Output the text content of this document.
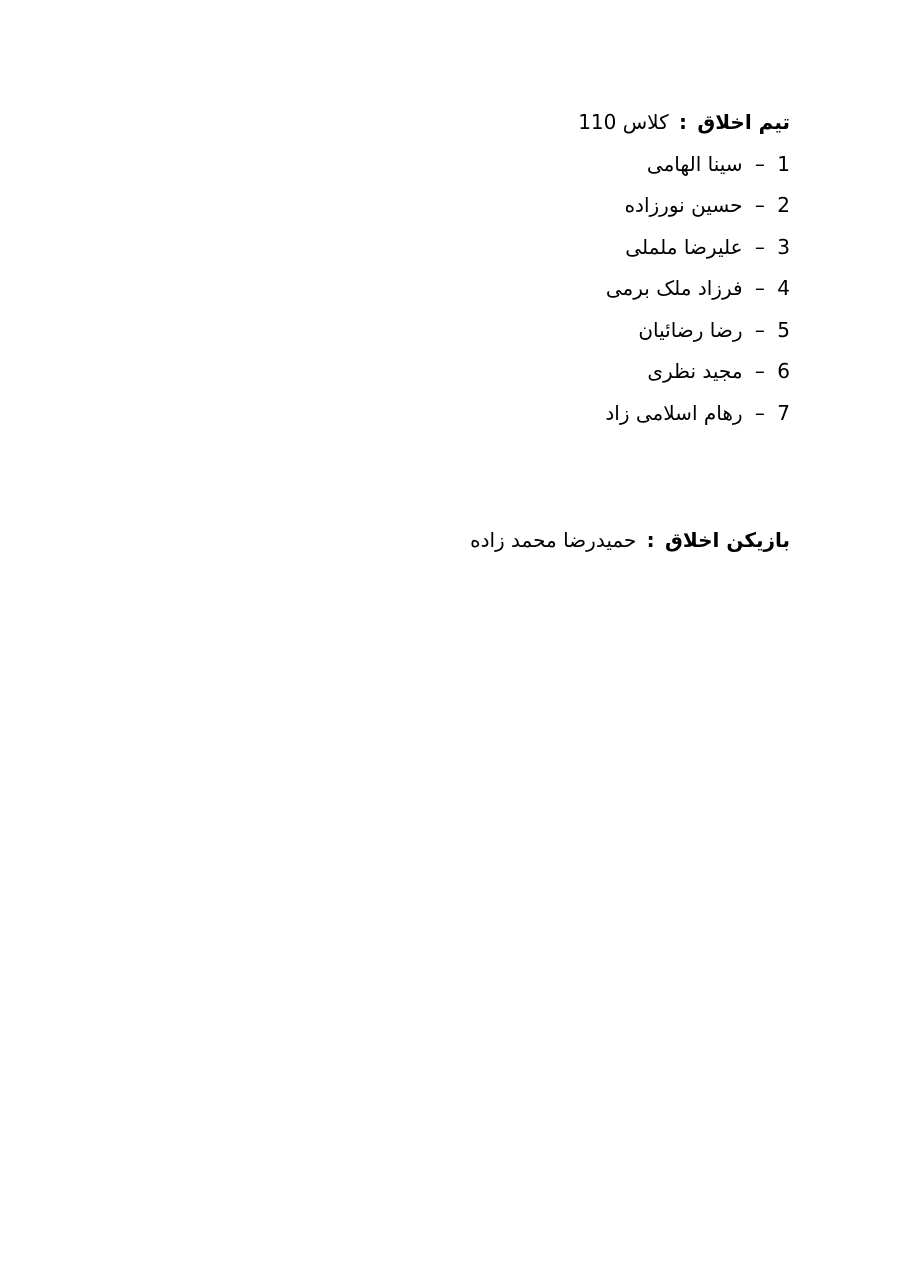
تیم اخلاق : کلاس 110
1 – سینا الهامی
2 – حسین نورزاده
3 – علیرضا ململی
4 – فرزاد ملک برمی
5 – رضا رضائیان
6 – مجید نظری
7 – رهام اسلامی زاد
بازیکن اخلاق : حمیدرضا محمد زاده
